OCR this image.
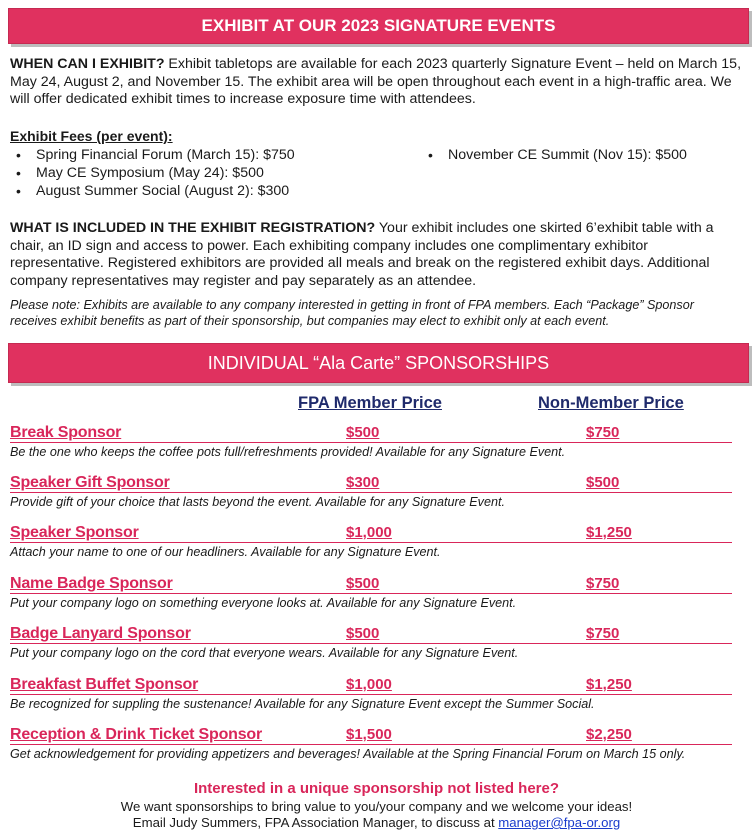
EXHIBIT AT OUR 2023 SIGNATURE EVENTS
WHEN CAN I EXHIBIT? Exhibit tabletops are available for each 2023 quarterly Signature Event – held on March 15, May 24, August 2, and November 15. The exhibit area will be open throughout each event in a high-traffic area. We will offer dedicated exhibit times to increase exposure time with attendees.
Exhibit Fees (per event):
• Spring Financial Forum (March 15): $750
• May CE Symposium (May 24): $500
• August Summer Social (August 2): $300
• November CE Summit (Nov 15): $500
WHAT IS INCLUDED IN THE EXHIBIT REGISTRATION? Your exhibit includes one skirted 6’exhibit table with a chair, an ID sign and access to power. Each exhibiting company includes one complimentary exhibitor representative. Registered exhibitors are provided all meals and break on the registered exhibit days. Additional company representatives may register and pay separately as an attendee.
Please note: Exhibits are available to any company interested in getting in front of FPA members. Each “Package” Sponsor receives exhibit benefits as part of their sponsorship, but companies may elect to exhibit only at each event.
INDIVIDUAL “Ala Carte” SPONSORSHIPS
FPA Member Price	Non-Member Price
Break Sponsor	$500	$750
Be the one who keeps the coffee pots full/refreshments provided! Available for any Signature Event.
Speaker Gift Sponsor	$300	$500
Provide gift of your choice that lasts beyond the event. Available for any Signature Event.
Speaker Sponsor	$1,000	$1,250
Attach your name to one of our headliners. Available for any Signature Event.
Name Badge Sponsor	$500	$750
Put your company logo on something everyone looks at. Available for any Signature Event.
Badge Lanyard Sponsor	$500	$750
Put your company logo on the cord that everyone wears. Available for any Signature Event.
Breakfast Buffet Sponsor	$1,000	$1,250
Be recognized for suppling the sustenance! Available for any Signature Event except the Summer Social.
Reception & Drink Ticket Sponsor	$1,500	$2,250
Get acknowledgement for providing appetizers and beverages! Available at the Spring Financial Forum on March 15 only.
Interested in a unique sponsorship not listed here?
We want sponsorships to bring value to you/your company and we welcome your ideas!
Email Judy Summers, FPA Association Manager, to discuss at manager@fpa-or.org
